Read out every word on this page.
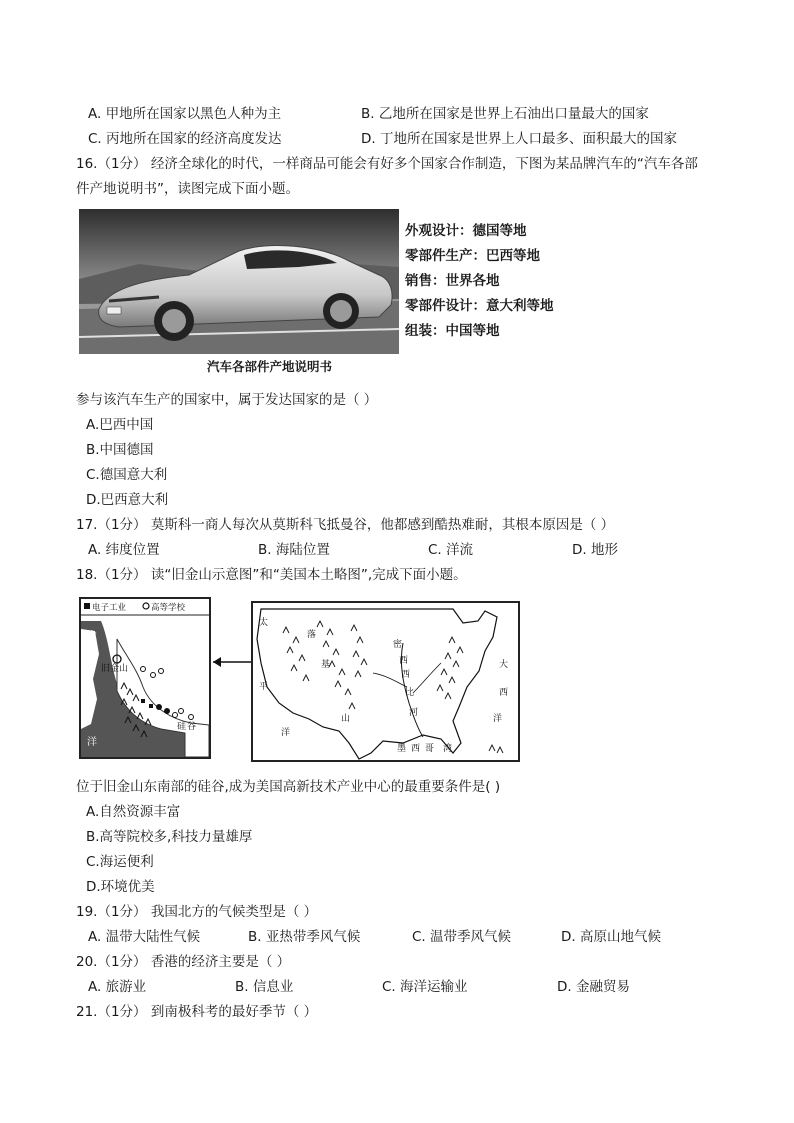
A. 甲地所在国家以黑色人种为主	B. 乙地所在国家是世界上石油出口量最大的国家
C. 丙地所在国家的经济高度发达	D. 丁地所在国家是世界上人口最多、面积最大的国家
16.（1分） 经济全球化的时代，一样商品可能会有好多个国家合作制造，下图为某品牌汽车的“汽车各部
件产地说明书”，读图完成下面小题。
外观设计：德国等地
零部件生产：巴西等地
销售：世界各地
零部件设计：意大利等地
组装：中国等地
汽车各部件产地说明书
参与该汽车生产的国家中，属于发达国家的是（ ）
A.巴西中国
B.中国德国
C.德国意大利
D.巴西意大利
17.（1分） 莫斯科一商人每次从莫斯科飞抵曼谷，他都感到酷热难耐，其根本原因是（ ）
A. 纬度位置	B. 海陆位置	C. 洋流	D. 地形
18.（1分） 读“旧金山示意图”和“美国本土略图”,完成下面小题。
电子工业	高等学校
太
旧金山
平
洋
硅 谷
太
平
洋
落
基
山
密
西
西
比
河
大
西
洋
墨 西 哥 湾
位于旧金山东南部的硅谷,成为美国高新技术产业中心的最重要条件是( )
A.自然资源丰富
B.高等院校多,科技力量雄厚
C.海运便利
D.环境优美
19.（1分） 我国北方的气候类型是（ ）
A. 温带大陆性气候	B. 亚热带季风气候	C. 温带季风气候	D. 高原山地气候
20.（1分） 香港的经济主要是（ ）
A. 旅游业	B. 信息业	C. 海洋运输业	D. 金融贸易
21.（1分） 到南极科考的最好季节（ ）
